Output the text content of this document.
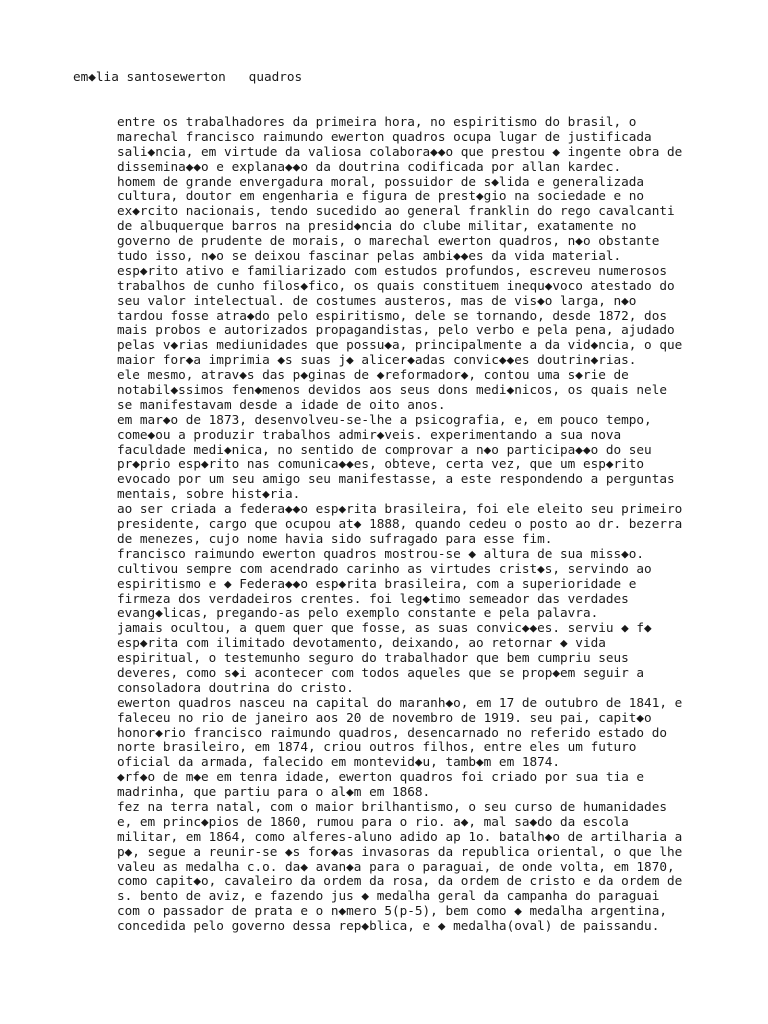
em◆lia santosewerton   quadros
entre os trabalhadores da primeira hora, no espiritismo do brasil, o
marechal francisco raimundo ewerton quadros ocupa lugar de justificada
sali◆ncia, em virtude da valiosa colabora◆◆o que prestou ◆ ingente obra de
dissemina◆◆o e explana◆◆o da doutrina codificada por allan kardec.
homem de grande envergadura moral, possuidor de s◆lida e generalizada
cultura, doutor em engenharia e figura de prest◆gio na sociedade e no
ex◆rcito nacionais, tendo sucedido ao general franklin do rego cavalcanti
de albuquerque barros na presid◆ncia do clube militar, exatamente no
governo de prudente de morais, o marechal ewerton quadros, n◆o obstante
tudo isso, n◆o se deixou fascinar pelas ambi◆◆es da vida material.
esp◆rito ativo e familiarizado com estudos profundos, escreveu numerosos
trabalhos de cunho filos◆fico, os quais constituem inequ◆voco atestado do
seu valor intelectual. de costumes austeros, mas de vis◆o larga, n◆o
tardou fosse atra◆do pelo espiritismo, dele se tornando, desde 1872, dos
mais probos e autorizados propagandistas, pelo verbo e pela pena, ajudado
pelas v◆rias mediunidades que possu◆a, principalmente a da vid◆ncia, o que
maior for◆a imprimia ◆s suas j◆ alicer◆adas convic◆◆es doutrin◆rias.
ele mesmo, atrav◆s das p◆ginas de ◆reformador◆, contou uma s◆rie de
notabil◆ssimos fen◆menos devidos aos seus dons medi◆nicos, os quais nele
se manifestavam desde a idade de oito anos.
em mar◆o de 1873, desenvolveu-se-lhe a psicografia, e, em pouco tempo,
come◆ou a produzir trabalhos admir◆veis. experimentando a sua nova
faculdade medi◆nica, no sentido de comprovar a n◆o participa◆◆o do seu
pr◆prio esp◆rito nas comunica◆◆es, obteve, certa vez, que um esp◆rito
evocado por um seu amigo seu manifestasse, a este respondendo a perguntas
mentais, sobre hist◆ria.
ao ser criada a federa◆◆o esp◆rita brasileira, foi ele eleito seu primeiro
presidente, cargo que ocupou at◆ 1888, quando cedeu o posto ao dr. bezerra
de menezes, cujo nome havia sido sufragado para esse fim.
francisco raimundo ewerton quadros mostrou-se ◆ altura de sua miss◆o.
cultivou sempre com acendrado carinho as virtudes crist◆s, servindo ao
espiritismo e ◆ Federa◆◆o esp◆rita brasileira, com a superioridade e
firmeza dos verdadeiros crentes. foi leg◆timo semeador das verdades
evang◆licas, pregando-as pelo exemplo constante e pela palavra.
jamais ocultou, a quem quer que fosse, as suas convic◆◆es. serviu ◆ f◆
esp◆rita com ilimitado devotamento, deixando, ao retornar ◆ vida
espiritual, o testemunho seguro do trabalhador que bem cumpriu seus
deveres, como s◆i acontecer com todos aqueles que se prop◆em seguir a
consoladora doutrina do cristo.
ewerton quadros nasceu na capital do maranh◆o, em 17 de outubro de 1841, e
faleceu no rio de janeiro aos 20 de novembro de 1919. seu pai, capit◆o
honor◆rio francisco raimundo quadros, desencarnado no referido estado do
norte brasileiro, em 1874, criou outros filhos, entre eles um futuro
oficial da armada, falecido em montevid◆u, tamb◆m em 1874.
◆rf◆o de m◆e em tenra idade, ewerton quadros foi criado por sua tia e
madrinha, que partiu para o al◆m em 1868.
fez na terra natal, com o maior brilhantismo, o seu curso de humanidades
e, em princ◆pios de 1860, rumou para o rio. a◆, mal sa◆do da escola
militar, em 1864, como alferes-aluno adido ap 1o. batalh◆o de artilharia a
p◆, segue a reunir-se ◆s for◆as invasoras da republica oriental, o que lhe
valeu as medalha c.o. da◆ avan◆a para o paraguai, de onde volta, em 1870,
como capit◆o, cavaleiro da ordem da rosa, da ordem de cristo e da ordem de
s. bento de aviz, e fazendo jus ◆ medalha geral da campanha do paraguai
com o passador de prata e o n◆mero 5(p-5), bem como ◆ medalha argentina,
concedida pelo governo dessa rep◆blica, e ◆ medalha(oval) de paissandu.
